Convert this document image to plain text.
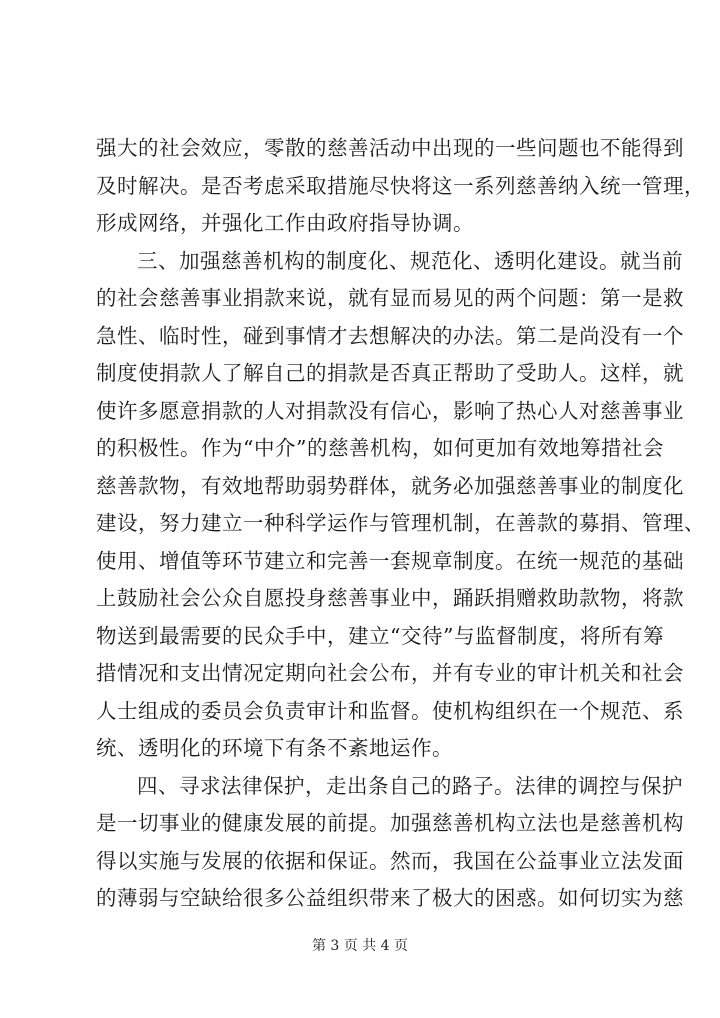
强大的社会效应，零散的慈善活动中出现的一些问题也不能得到
及时解决。是否考虑采取措施尽快将这一系列慈善纳入统一管理，
形成网络，并强化工作由政府指导协调。
三、加强慈善机构的制度化、规范化、透明化建设。就当前
的社会慈善事业捐款来说，就有显而易见的两个问题：第一是救
急性、临时性，碰到事情才去想解决的办法。第二是尚没有一个
制度使捐款人了解自己的捐款是否真正帮助了受助人。这样，就
使许多愿意捐款的人对捐款没有信心，影响了热心人对慈善事业
的积极性。作为“中介”的慈善机构，如何更加有效地筹措社会
慈善款物，有效地帮助弱势群体，就务必加强慈善事业的制度化
建设，努力建立一种科学运作与管理机制，在善款的募捐、管理、
使用、增值等环节建立和完善一套规章制度。在统一规范的基础
上鼓励社会公众自愿投身慈善事业中，踊跃捐赠救助款物，将款
物送到最需要的民众手中，建立“交待”与监督制度，将所有筹
措情况和支出情况定期向社会公布，并有专业的审计机关和社会
人士组成的委员会负责审计和监督。使机构组织在一个规范、系
统、透明化的环境下有条不紊地运作。
四、寻求法律保护，走出条自己的路子。法律的调控与保护
是一切事业的健康发展的前提。加强慈善机构立法也是慈善机构
得以实施与发展的依据和保证。然而，我国在公益事业立法发面
的薄弱与空缺给很多公益组织带来了极大的困惑。如何切实为慈
第 3 页 共 4 页
